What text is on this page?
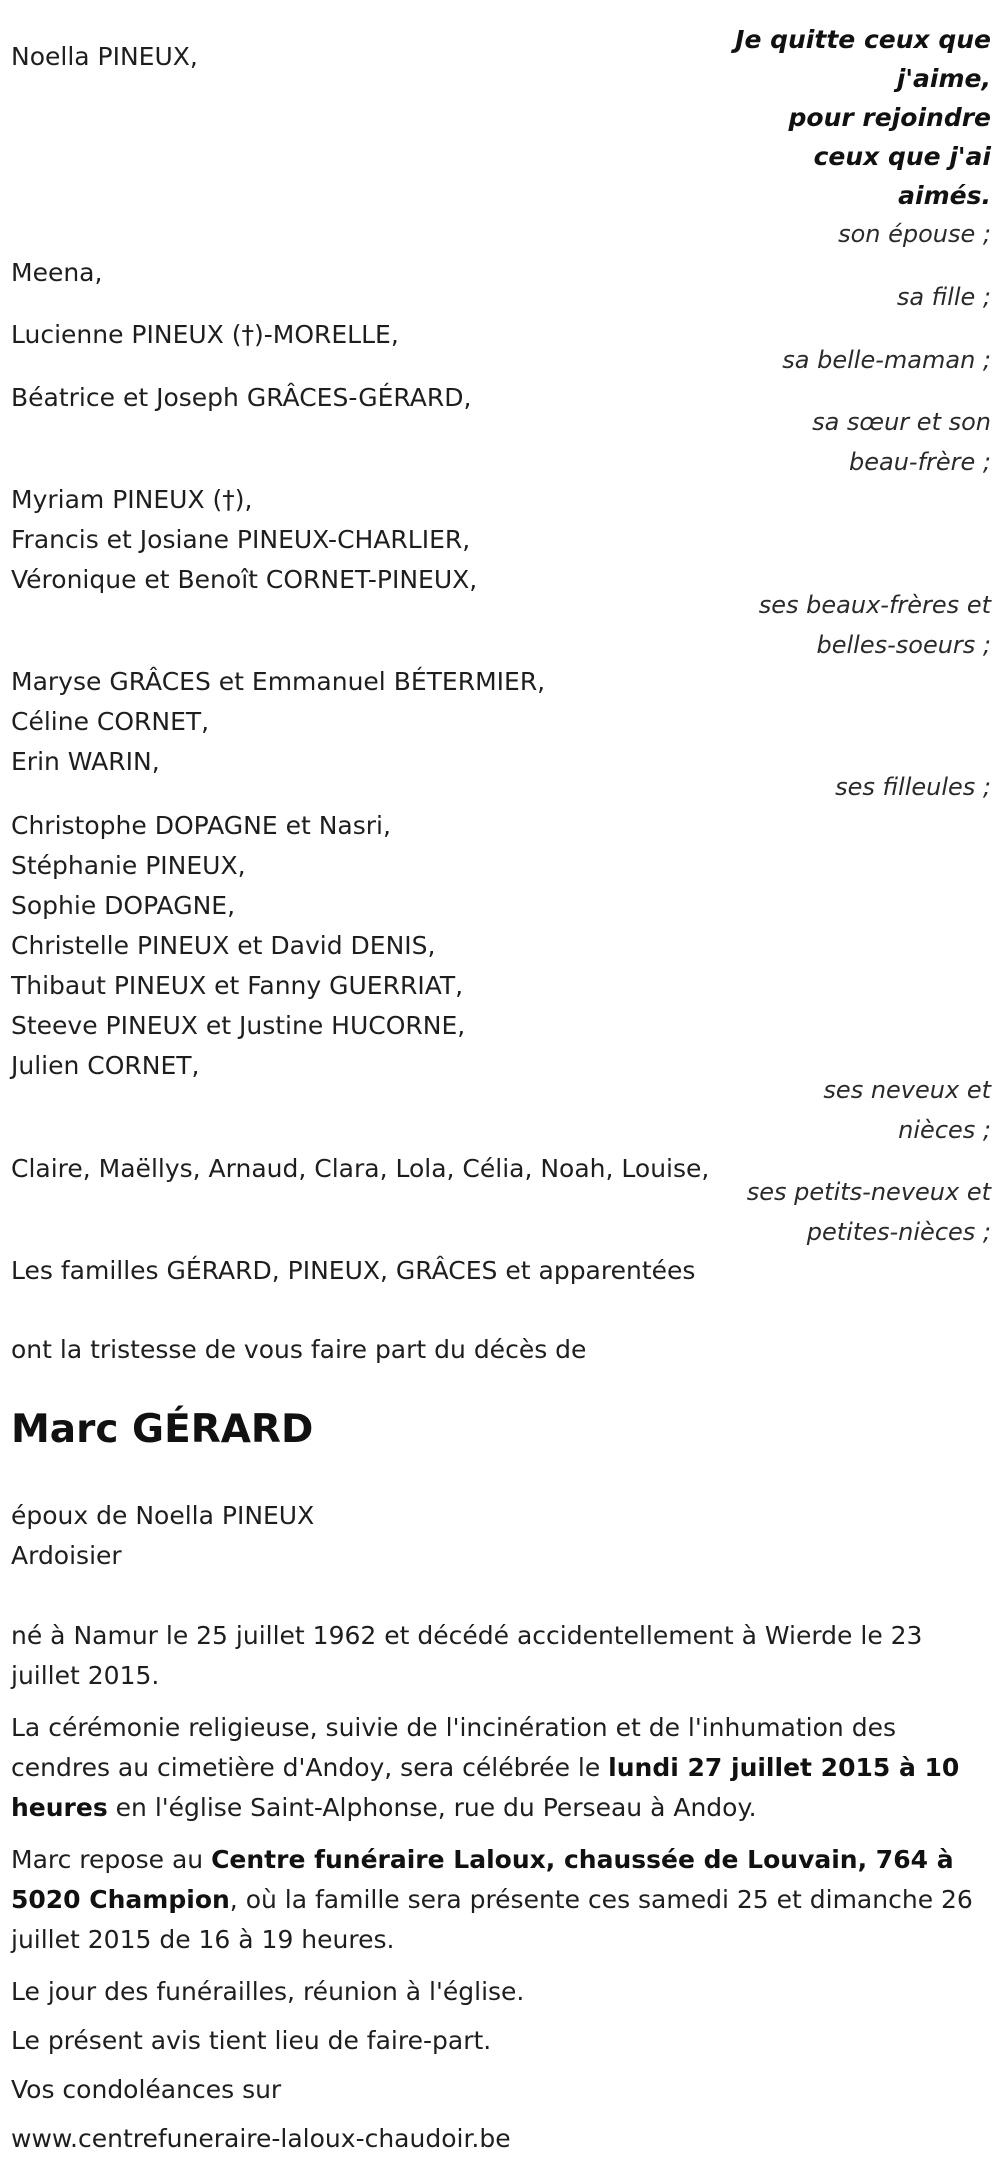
Je quitte ceux que
j'aime,
pour rejoindre
ceux que j'ai
aimés.
Noella PINEUX,
son épouse ;
Meena,
sa fille ;
Lucienne PINEUX (†)-MORELLE,
sa belle-maman ;
Béatrice et Joseph GRÂCES-GÉRARD,
sa sœur et son
beau-frère ;
Myriam PINEUX (†),
Francis et Josiane PINEUX-CHARLIER,
Véronique et Benoît CORNET-PINEUX,
ses beaux-frères et
belles-soeurs ;
Maryse GRÂCES et Emmanuel BÉTERMIER,
Céline CORNET,
Erin WARIN,
ses filleules ;
Christophe DOPAGNE et Nasri,
Stéphanie PINEUX,
Sophie DOPAGNE,
Christelle PINEUX et David DENIS,
Thibaut PINEUX et Fanny GUERRIAT,
Steeve PINEUX et Justine HUCORNE,
Julien CORNET,
ses neveux et
nièces ;
Claire, Maëllys, Arnaud, Clara, Lola, Célia, Noah, Louise,
ses petits-neveux et
petites-nièces ;
Les familles GÉRARD, PINEUX, GRÂCES et apparentées
ont la tristesse de vous faire part du décès de
Marc GÉRARD
époux de Noella PINEUX
Ardoisier
né à Namur le 25 juillet 1962 et décédé accidentellement à Wierde le 23 juillet 2015.
La cérémonie religieuse, suivie de l'incinération et de l'inhumation des cendres au cimetière d'Andoy, sera célébrée le lundi 27 juillet 2015 à 10 heures en l'église Saint-Alphonse, rue du Perseau à Andoy.
Marc repose au Centre funéraire Laloux, chaussée de Louvain, 764 à 5020 Champion, où la famille sera présente ces samedi 25 et dimanche 26 juillet 2015 de 16 à 19 heures.
Le jour des funérailles, réunion à l'église.
Le présent avis tient lieu de faire-part.
Vos condoléances sur
www.centrefuneraire-laloux-chaudoir.be
